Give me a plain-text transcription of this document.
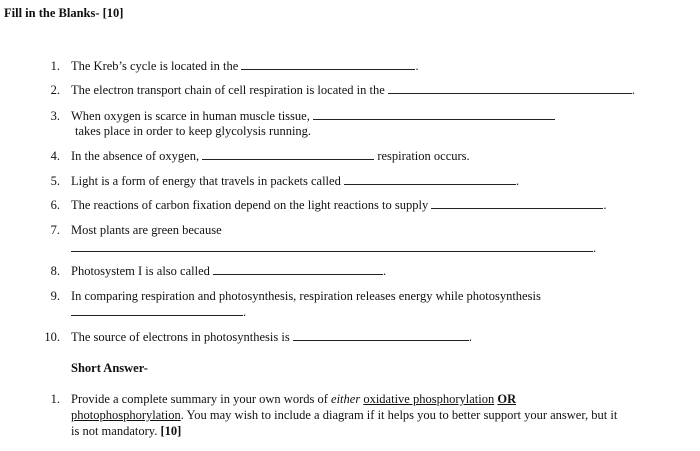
Fill in the Blanks- [10]
1. The Kreb’s cycle is located in the	.
2. The electron transport chain of cell respiration is located in the	.
3. When oxygen is scarce in human muscle tissue,
takes place in order to keep glycolysis running.
4. In the absence of oxygen,	respiration occurs.
5. Light is a form of energy that travels in packets called	.
6. The reactions of carbon fixation depend on the light reactions to supply	.
7. Most plants are green because
.
8. Photosystem I is also called	.
9. In comparing respiration and photosynthesis, respiration releases energy while photosynthesis
.
10. The source of electrons in photosynthesis is	.
Short Answer-
1. Provide a complete summary in your own words of either oxidative phosphorylation OR
photophosphorylation. You may wish to include a diagram if it helps you to better support your answer, but it
is not mandatory. [10]
